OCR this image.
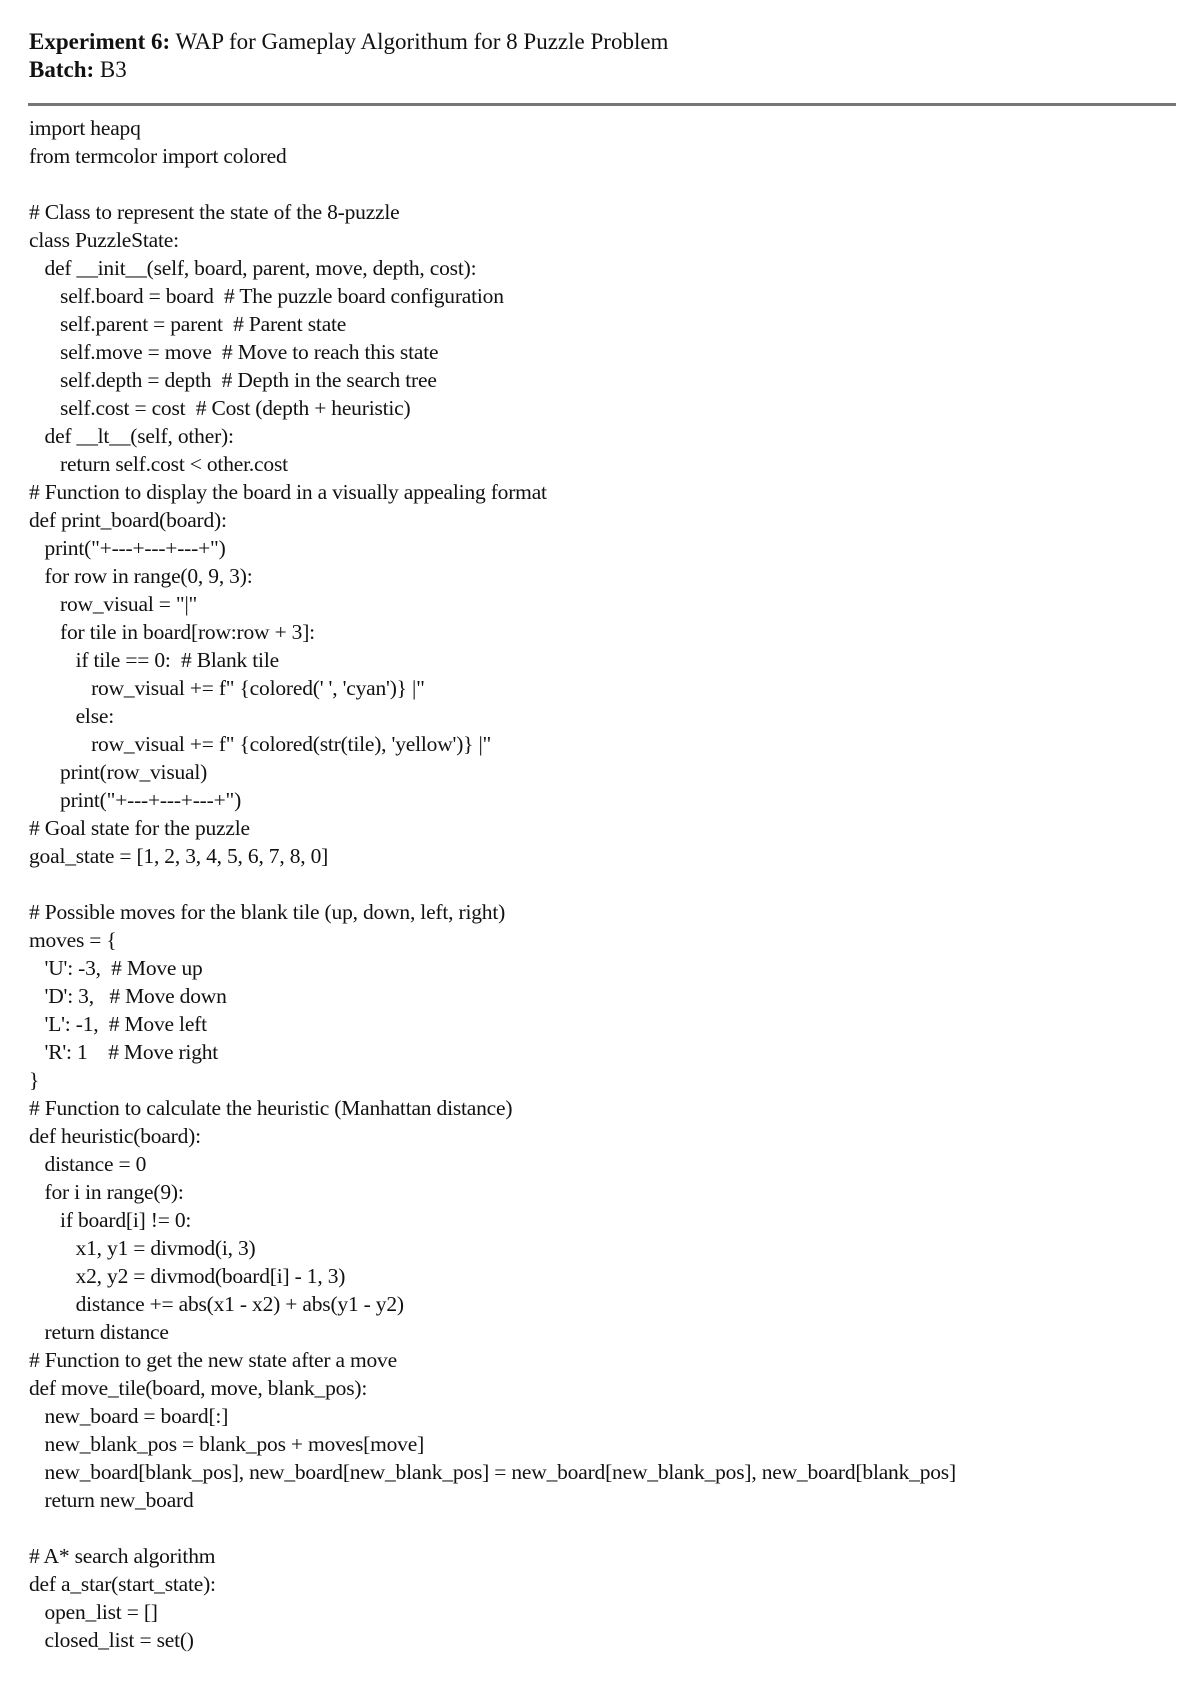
Experiment 6: WAP for Gameplay Algorithum for 8 Puzzle Problem
Batch: B3
import heapq
from termcolor import colored
# Class to represent the state of the 8-puzzle
class PuzzleState:
def __init__(self, board, parent, move, depth, cost):
self.board = board  # The puzzle board configuration
self.parent = parent  # Parent state
self.move = move  # Move to reach this state
self.depth = depth  # Depth in the search tree
self.cost = cost  # Cost (depth + heuristic)
def __lt__(self, other):
return self.cost < other.cost
# Function to display the board in a visually appealing format
def print_board(board):
print("+---+---+---+")
for row in range(0, 9, 3):
row_visual = "|"
for tile in board[row:row + 3]:
if tile == 0:  # Blank tile
row_visual += f" {colored(' ', 'cyan')} |"
else:
row_visual += f" {colored(str(tile), 'yellow')} |"
print(row_visual)
print("+---+---+---+")
# Goal state for the puzzle
goal_state = [1, 2, 3, 4, 5, 6, 7, 8, 0]
# Possible moves for the blank tile (up, down, left, right)
moves = {
'U': -3,  # Move up
'D': 3,   # Move down
'L': -1,  # Move left
'R': 1    # Move right
}
# Function to calculate the heuristic (Manhattan distance)
def heuristic(board):
distance = 0
for i in range(9):
if board[i] != 0:
x1, y1 = divmod(i, 3)
x2, y2 = divmod(board[i] - 1, 3)
distance += abs(x1 - x2) + abs(y1 - y2)
return distance
# Function to get the new state after a move
def move_tile(board, move, blank_pos):
new_board = board[:]
new_blank_pos = blank_pos + moves[move]
new_board[blank_pos], new_board[new_blank_pos] = new_board[new_blank_pos], new_board[blank_pos]
return new_board
# A* search algorithm
def a_star(start_state):
open_list = []
closed_list = set()
